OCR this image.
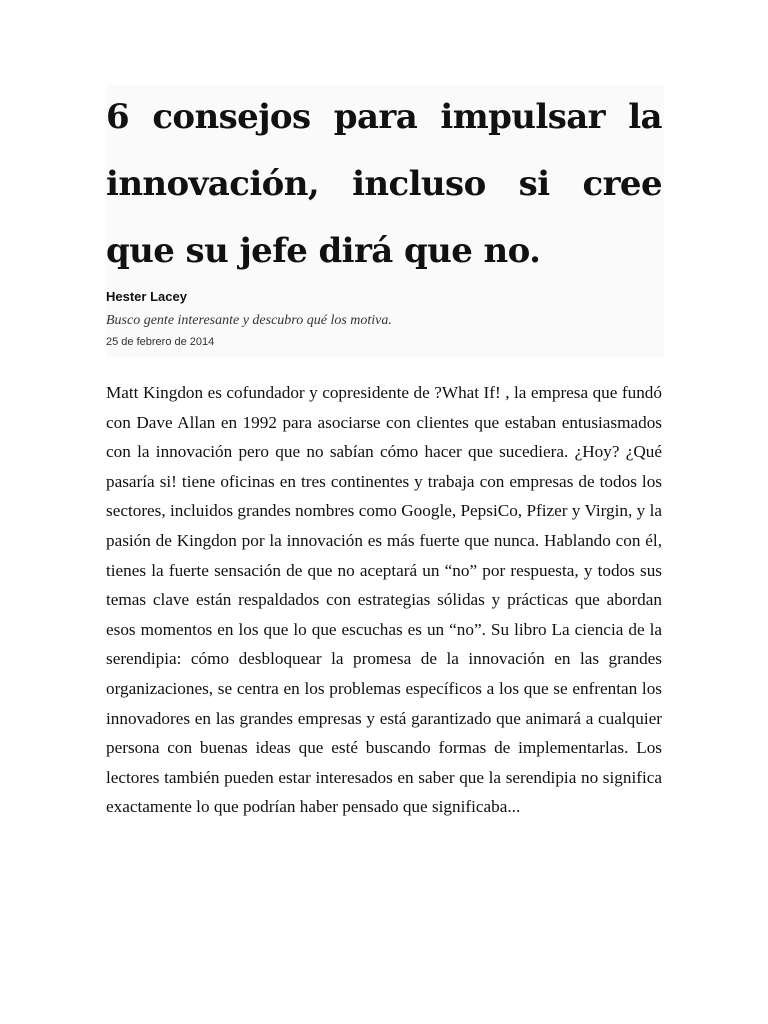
6 consejos para impulsar la innovación, incluso si cree que su jefe dirá que no.

Hester Lacey

Busco gente interesante y descubro qué los motiva.

25 de febrero de 2014

Matt Kingdon es cofundador y copresidente de ?What If! , la empresa que fundó con Dave Allan en 1992 para asociarse con clientes que estaban entusiasmados con la innovación pero que no sabían cómo hacer que sucediera. ¿Hoy? ¿Qué pasaría si! tiene oficinas en tres continentes y trabaja con empresas de todos los sectores, incluidos grandes nombres como Google, PepsiCo, Pfizer y Virgin, y la pasión de Kingdon por la innovación es más fuerte que nunca. Hablando con él, tienes la fuerte sensación de que no aceptará un “no” por respuesta, y todos sus temas clave están respaldados con estrategias sólidas y prácticas que abordan esos momentos en los que lo que escuchas es un “no”. Su libro La ciencia de la serendipia: cómo desbloquear la promesa de la innovación en las grandes organizaciones, se centra en los problemas específicos a los que se enfrentan los innovadores en las grandes empresas y está garantizado que animará a cualquier persona con buenas ideas que esté buscando formas de implementarlas. Los lectores también pueden estar interesados en saber que la serendipia no significa exactamente lo que podrían haber pensado que significaba...
